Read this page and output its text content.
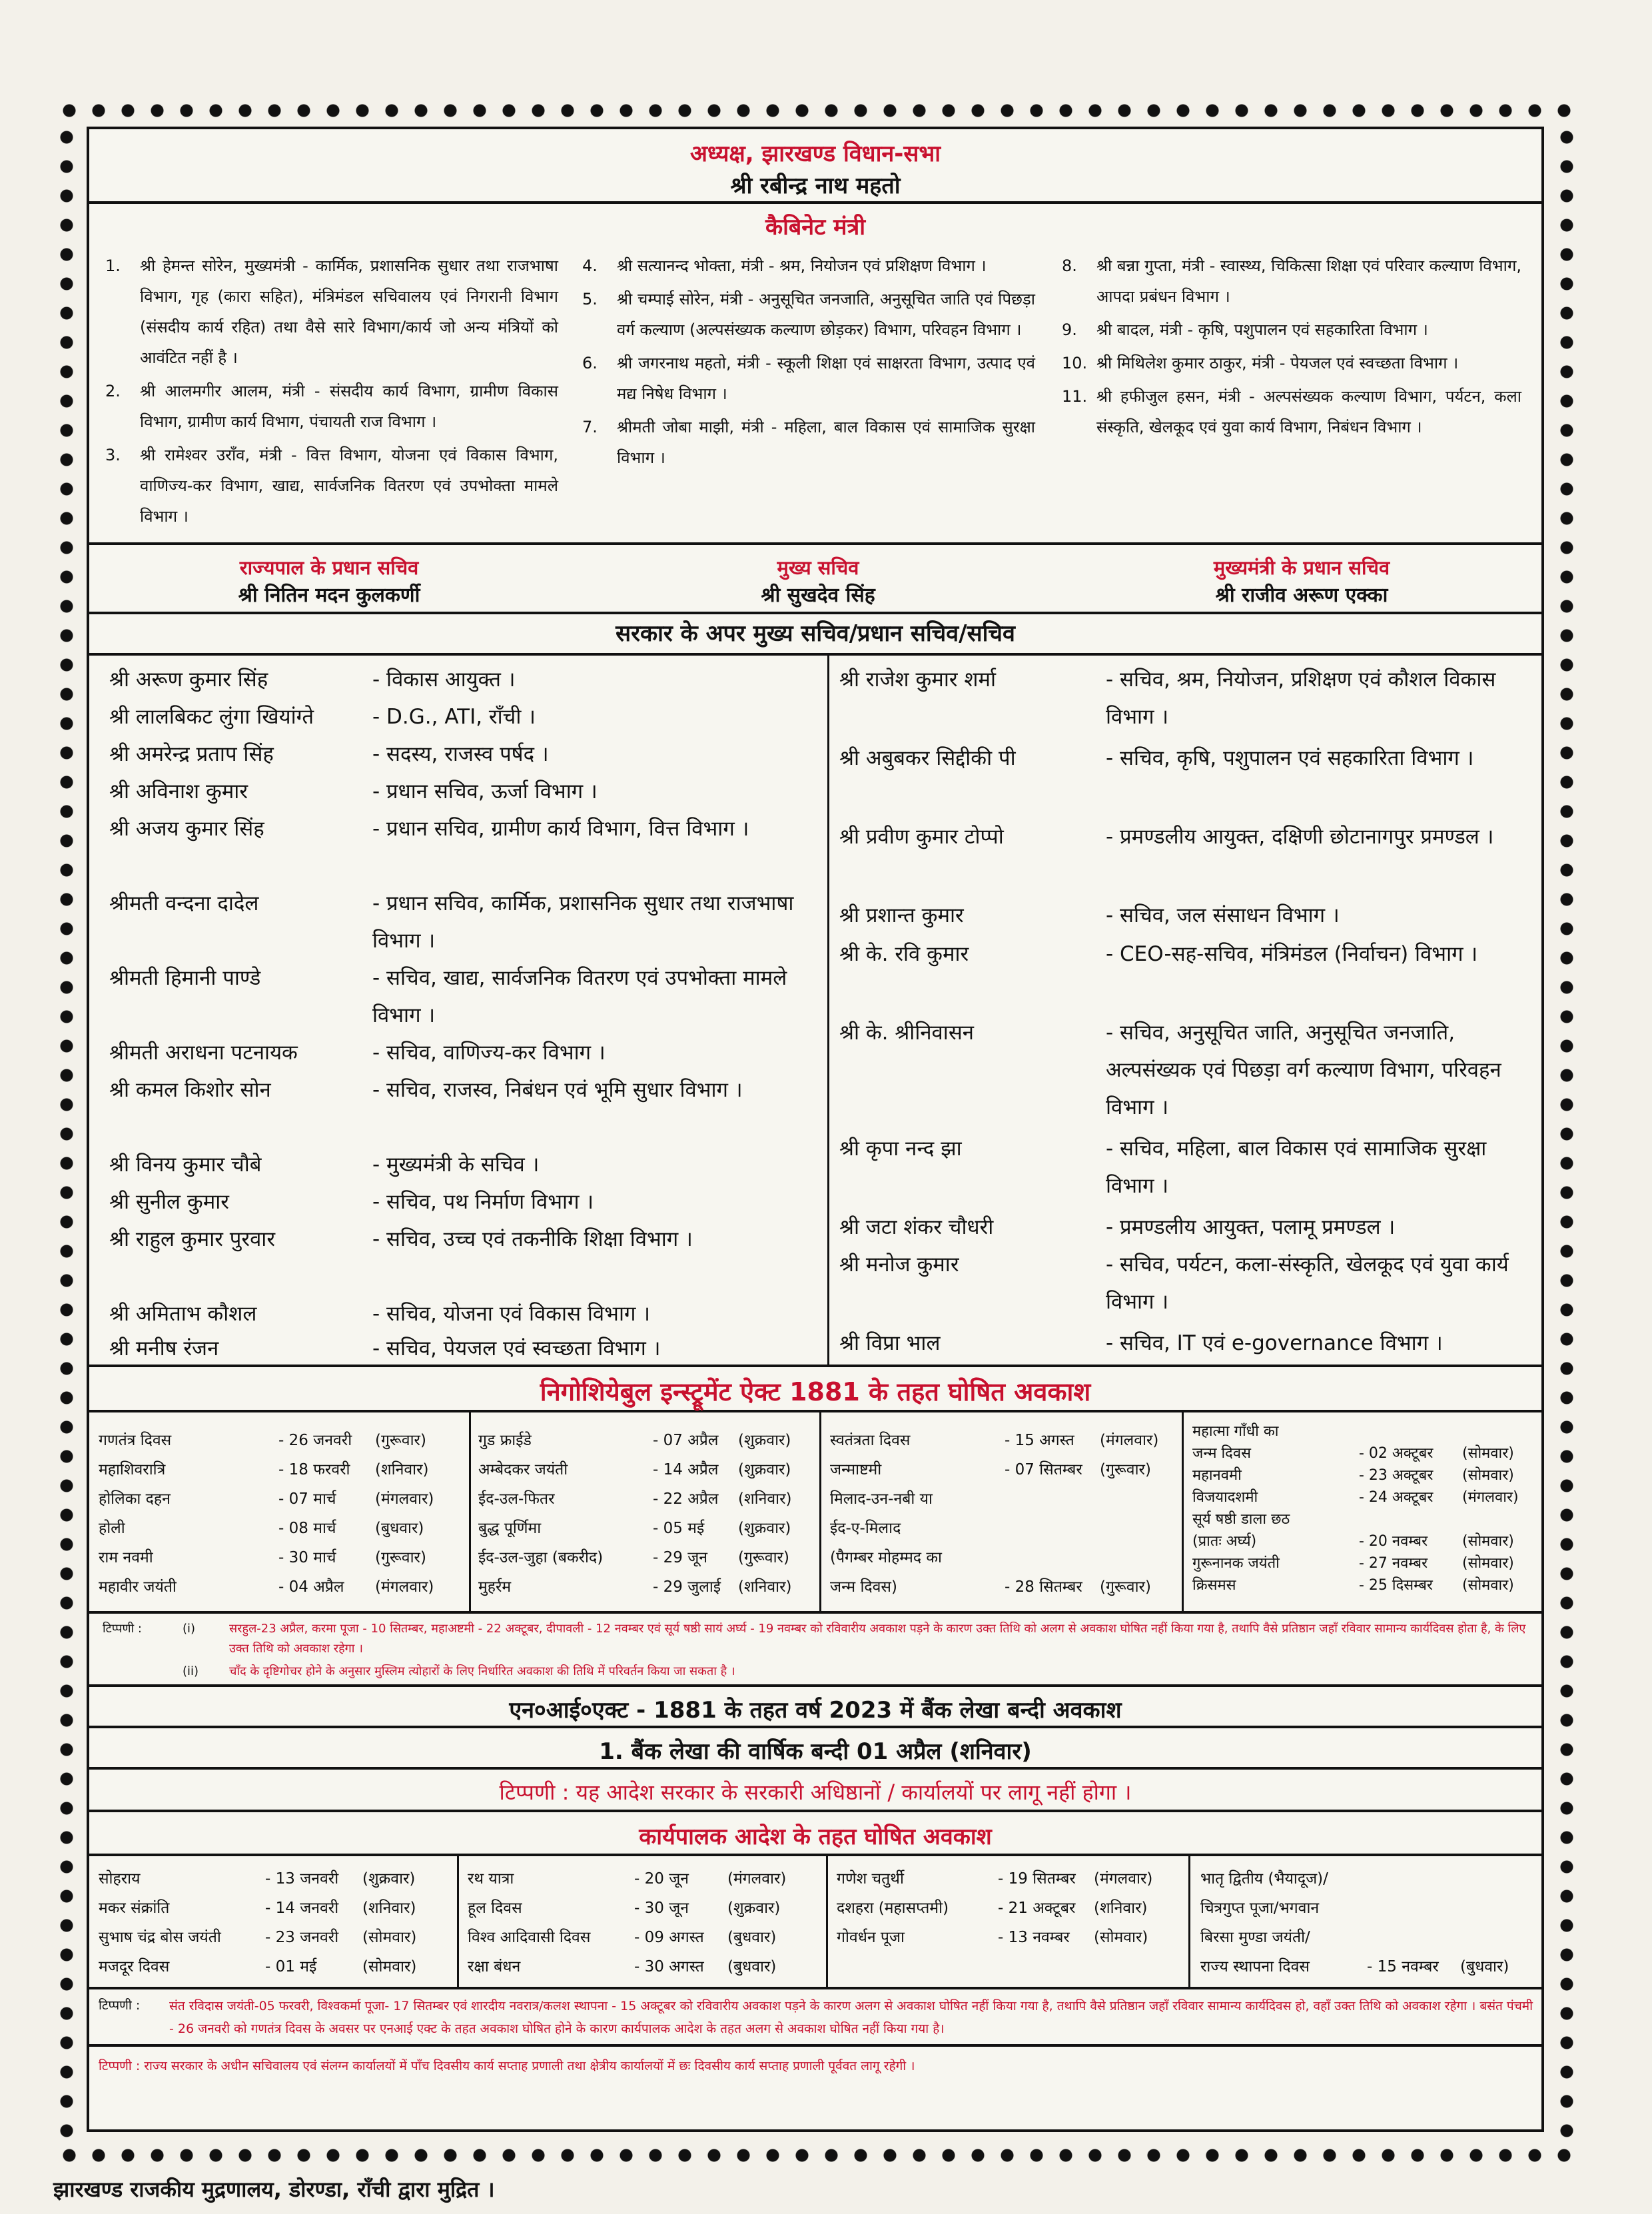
अध्यक्ष, झारखण्ड विधान-सभा
श्री रबीन्द्र नाथ महतो
कैबिनेट मंत्री
1. श्री हेमन्त सोरेन, मुख्यमंत्री - कार्मिक, प्रशासनिक सुधार तथा राजभाषा विभाग, गृह (कारा सहित), मंत्रिमंडल सचिवालय एवं निगरानी विभाग (संसदीय कार्य रहित) तथा वैसे सारे विभाग/कार्य जो अन्य मंत्रियों को आवंटित नहीं है ।
2. श्री आलमगीर आलम, मंत्री - संसदीय कार्य विभाग, ग्रामीण विकास विभाग, ग्रामीण कार्य विभाग, पंचायती राज विभाग ।
3. श्री रामेश्वर उराँव, मंत्री - वित्त विभाग, योजना एवं विकास विभाग, वाणिज्य-कर विभाग, खाद्य, सार्वजनिक वितरण एवं उपभोक्ता मामले विभाग ।
4. श्री सत्यानन्द भोक्ता, मंत्री - श्रम, नियोजन एवं प्रशिक्षण विभाग ।
5. श्री चम्पाई सोरेन, मंत्री - अनुसूचित जनजाति, अनुसूचित जाति एवं पिछड़ा वर्ग कल्याण (अल्पसंख्यक कल्याण छोड़कर) विभाग, परिवहन विभाग ।
6. श्री जगरनाथ महतो, मंत्री - स्कूली शिक्षा एवं साक्षरता विभाग, उत्पाद एवं मद्य निषेध विभाग ।
7. श्रीमती जोबा माझी, मंत्री - महिला, बाल विकास एवं सामाजिक सुरक्षा विभाग ।
8. श्री बन्ना गुप्ता, मंत्री - स्वास्थ्य, चिकित्सा शिक्षा एवं परिवार कल्याण विभाग, आपदा प्रबंधन विभाग ।
9. श्री बादल, मंत्री - कृषि, पशुपालन एवं सहकारिता विभाग ।
10. श्री मिथिलेश कुमार ठाकुर, मंत्री - पेयजल एवं स्वच्छता विभाग ।
11. श्री हफीजुल हसन, मंत्री - अल्पसंख्यक कल्याण विभाग, पर्यटन, कला संस्कृति, खेलकूद एवं युवा कार्य विभाग, निबंधन विभाग ।
राज्यपाल के प्रधान सचिव
श्री नितिन मदन कुलकर्णी
मुख्य सचिव
श्री सुखदेव सिंह
मुख्यमंत्री के प्रधान सचिव
श्री राजीव अरूण एक्का
सरकार के अपर मुख्य सचिव/प्रधान सचिव/सचिव
श्री अरूण कुमार सिंह	- विकास आयुक्त ।
श्री लालबिकट लुंगा खियांग्ते	- D.G., ATI, राँची ।
श्री अमरेन्द्र प्रताप सिंह	- सदस्य, राजस्व पर्षद ।
श्री अविनाश कुमार	- प्रधान सचिव, ऊर्जा विभाग ।
श्री अजय कुमार सिंह	- प्रधान सचिव, ग्रामीण कार्य विभाग, वित्त विभाग ।
श्रीमती वन्दना दादेल	- प्रधान सचिव, कार्मिक, प्रशासनिक सुधार तथा राजभाषा विभाग ।
श्रीमती हिमानी पाण्डे	- सचिव, खाद्य, सार्वजनिक वितरण एवं उपभोक्ता मामले विभाग ।
श्रीमती अराधना पटनायक	- सचिव, वाणिज्य-कर विभाग ।
श्री कमल किशोर सोन	- सचिव, राजस्व, निबंधन एवं भूमि सुधार विभाग ।
श्री विनय कुमार चौबे	- मुख्यमंत्री के सचिव ।
श्री सुनील कुमार	- सचिव, पथ निर्माण विभाग ।
श्री राहुल कुमार पुरवार	- सचिव, उच्च एवं तकनीकि शिक्षा विभाग ।
श्री अमिताभ कौशल	- सचिव, योजना एवं विकास विभाग ।
श्री मनीष रंजन	- सचिव, पेयजल एवं स्वच्छता विभाग ।
श्री राजेश कुमार शर्मा	- सचिव, श्रम, नियोजन, प्रशिक्षण एवं कौशल विकास विभाग ।
श्री अबुबकर सिद्दीकी पी	- सचिव, कृषि, पशुपालन एवं सहकारिता विभाग ।
श्री प्रवीण कुमार टोप्पो	- प्रमण्डलीय आयुक्त, दक्षिणी छोटानागपुर प्रमण्डल ।
श्री प्रशान्त कुमार	- सचिव, जल संसाधन विभाग ।
श्री के. रवि कुमार	- CEO-सह-सचिव, मंत्रिमंडल (निर्वाचन) विभाग ।
श्री के. श्रीनिवासन	- सचिव, अनुसूचित जाति, अनुसूचित जनजाति, अल्पसंख्यक एवं पिछड़ा वर्ग कल्याण विभाग, परिवहन विभाग ।
श्री कृपा नन्द झा	- सचिव, महिला, बाल विकास एवं सामाजिक सुरक्षा विभाग ।
श्री जटा शंकर चौधरी	- प्रमण्डलीय आयुक्त, पलामू प्रमण्डल ।
श्री मनोज कुमार	- सचिव, पर्यटन, कला-संस्कृति, खेलकूद एवं युवा कार्य विभाग ।
श्री विप्रा भाल	- सचिव, IT एवं e-governance विभाग ।
निगोशियेबुल इन्स्ट्रूमेंट ऐक्ट 1881 के तहत घोषित अवकाश
गणतंत्र दिवस	- 26 जनवरी (गुरूवार)
महाशिवरात्रि	- 18 फरवरी (शनिवार)
होलिका दहन	- 07 मार्च	(मंगलवार)
होली	- 08 मार्च	(बुधवार)
राम नवमी	- 30 मार्च	(गुरूवार)
महावीर जयंती	- 04 अप्रैल (मंगलवार)
गुड फ्राईडे	- 07 अप्रैल (शुक्रवार)
अम्बेदकर जयंती	- 14 अप्रैल (शुक्रवार)
ईद-उल-फितर	- 22 अप्रैल (शनिवार)
बुद्ध पूर्णिमा	- 05 मई (शुक्रवार)
ईद-उल-जुहा (बकरीद)	- 29 जून (गुरूवार)
मुहर्रम	- 29 जुलाई (शनिवार)
स्वतंत्रता दिवस	- 15 अगस्त (मंगलवार)
जन्माष्टमी	- 07 सितम्बर (गुरूवार)
मिलाद-उन-नबी या
ईद-ए-मिलाद
(पैगम्बर मोहम्मद का
जन्म दिवस)	- 28 सितम्बर (गुरूवार)
महात्मा गाँधी का
जन्म दिवस	- 02 अक्टूबर (सोमवार)
महानवमी	- 23 अक्टूबर (सोमवार)
विजयादशमी	- 24 अक्टूबर (मंगलवार)
सूर्य षष्ठी डाला छठ
(प्रातः अर्घ्य)	- 20 नवम्बर (सोमवार)
गुरूनानक जयंती	- 27 नवम्बर (सोमवार)
क्रिसमस	- 25 दिसम्बर (सोमवार)
टिप्पणी :	(i)	सरहुल-23 अप्रैल, करमा पूजा - 10 सितम्बर, महाअष्टमी - 22 अक्टूबर, दीपावली - 12 नवम्बर एवं सूर्य षष्ठी सायं अर्घ्य - 19 नवम्बर को रविवारीय अवकाश पड़ने के कारण उक्त तिथि को अलग से अवकाश घोषित नहीं किया गया है, तथापि वैसे प्रतिष्ठान जहाँ रविवार सामान्य कार्यदिवस होता है, के लिए उक्त तिथि को अवकाश रहेगा ।
(ii)	चाँद के दृष्टिगोचर होने के अनुसार मुस्लिम त्योहारों के लिए निर्धारित अवकाश की तिथि में परिवर्तन किया जा सकता है ।
एन०आई०एक्ट - 1881 के तहत वर्ष 2023 में बैंक लेखा बन्दी अवकाश
1. बैंक लेखा की वार्षिक बन्दी 01 अप्रैल (शनिवार)
टिप्पणी : यह आदेश सरकार के सरकारी अधिष्ठानों / कार्यालयों पर लागू नहीं होगा ।
कार्यपालक आदेश के तहत घोषित अवकाश
सोहराय	- 13 जनवरी (शुक्रवार)
मकर संक्रांति	- 14 जनवरी (शनिवार)
सुभाष चंद्र बोस जयंती	- 23 जनवरी (सोमवार)
मजदूर दिवस	- 01 मई	(सोमवार)
रथ यात्रा	- 20 जून	(मंगलवार)
हूल दिवस	- 30 जून	(शुक्रवार)
विश्व आदिवासी दिवस	- 09 अगस्त (बुधवार)
रक्षा बंधन	- 30 अगस्त (बुधवार)
गणेश चतुर्थी	- 19 सितम्बर (मंगलवार)
दशहरा (महासप्तमी)	- 21 अक्टूबर (शनिवार)
गोवर्धन पूजा	- 13 नवम्बर (सोमवार)
भातृ द्वितीय (भैयादूज)/
चित्रगुप्त पूजा/भगवान
बिरसा मुण्डा जयंती/
राज्य स्थापना दिवस	- 15 नवम्बर (बुधवार)
टिप्पणी : संत रविदास जयंती-05 फरवरी, विश्वकर्मा पूजा- 17 सितम्बर एवं शारदीय नवरात्र/कलश स्थापना - 15 अक्टूबर को रविवारीय अवकाश पड़ने के कारण अलग से अवकाश घोषित नहीं किया गया है, तथापि वैसे प्रतिष्ठान जहाँ रविवार सामान्य कार्यदिवस हो, वहाँ उक्त तिथि को अवकाश रहेगा । बसंत पंचमी - 26 जनवरी को गणतंत्र दिवस के अवसर पर एनआई एक्ट के तहत अवकाश घोषित होने के कारण कार्यपालक आदेश के तहत अलग से अवकाश घोषित नहीं किया गया है।
टिप्पणी : राज्य सरकार के अधीन सचिवालय एवं संलग्न कार्यालयों में पाँच दिवसीय कार्य सप्ताह प्रणाली तथा क्षेत्रीय कार्यालयों में छः दिवसीय कार्य सप्ताह प्रणाली पूर्ववत लागू रहेगी ।
झारखण्ड राजकीय मुद्रणालय, डोरण्डा, राँची द्वारा मुद्रित ।
